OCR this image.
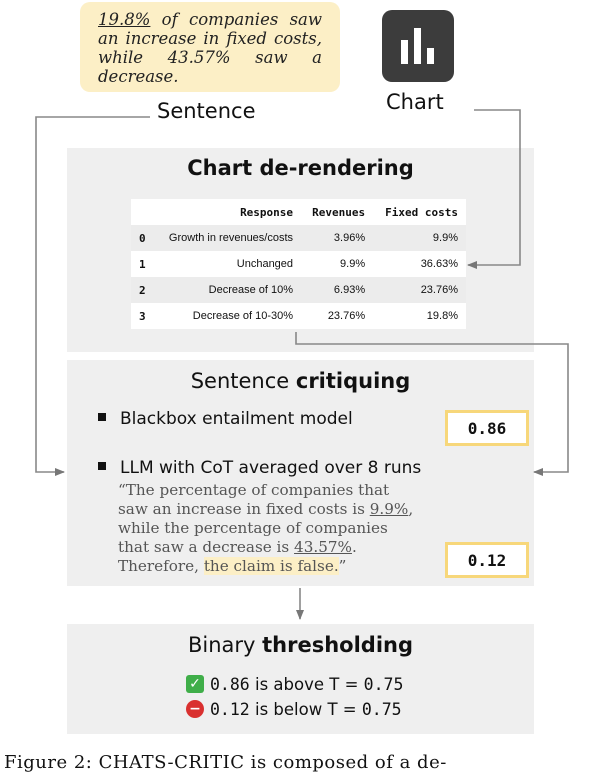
19.8% of companies saw an increase in fixed costs, while 43.57% saw a decrease.
Sentence	Chart
Chart de-rendering
	Response	Revenues	Fixed costs
0	Growth in revenues/costs	3.96%	9.9%
1	Unchanged	9.9%	36.63%
2	Decrease of 10%	6.93%	23.76%
3	Decrease of 10-30%	23.76%	19.8%
Sentence critiquing
Blackbox entailment model	0.86
LLM with CoT averaged over 8 runs
“The percentage of companies that
saw an increase in fixed costs is 9.9%,
while the percentage of companies
that saw a decrease is 43.57%.
Therefore, the claim is false.”	0.12
Binary thresholding
✓ 0.86 is above T = 0.75
− 0.12 is below T = 0.75
Figure 2: CHATS-CRITIC is composed of a de-
